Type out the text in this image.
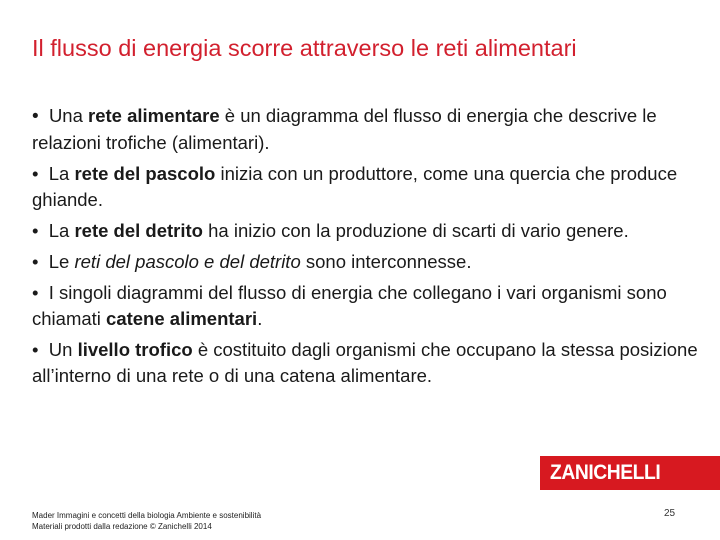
Il flusso di energia scorre attraverso le reti alimentari
• Una rete alimentare è un diagramma del flusso di energia che descrive le relazioni trofiche (alimentari).
• La rete del pascolo inizia con un produttore, come una quercia che produce ghiande.
• La rete del detrito ha inizio con la produzione di scarti di vario genere.
• Le reti del pascolo e del detrito sono interconnesse.
• I singoli diagrammi del flusso di energia che collegano i vari organismi sono chiamati catene alimentari.
• Un livello trofico è costituito dagli organismi che occupano la stessa posizione all’interno di una rete o di una catena alimentare.
ZANICHELLI
Mader Immagini e concetti della biologia Ambiente e sostenibilità
Materiali prodotti dalla redazione © Zanichelli 2014
25
